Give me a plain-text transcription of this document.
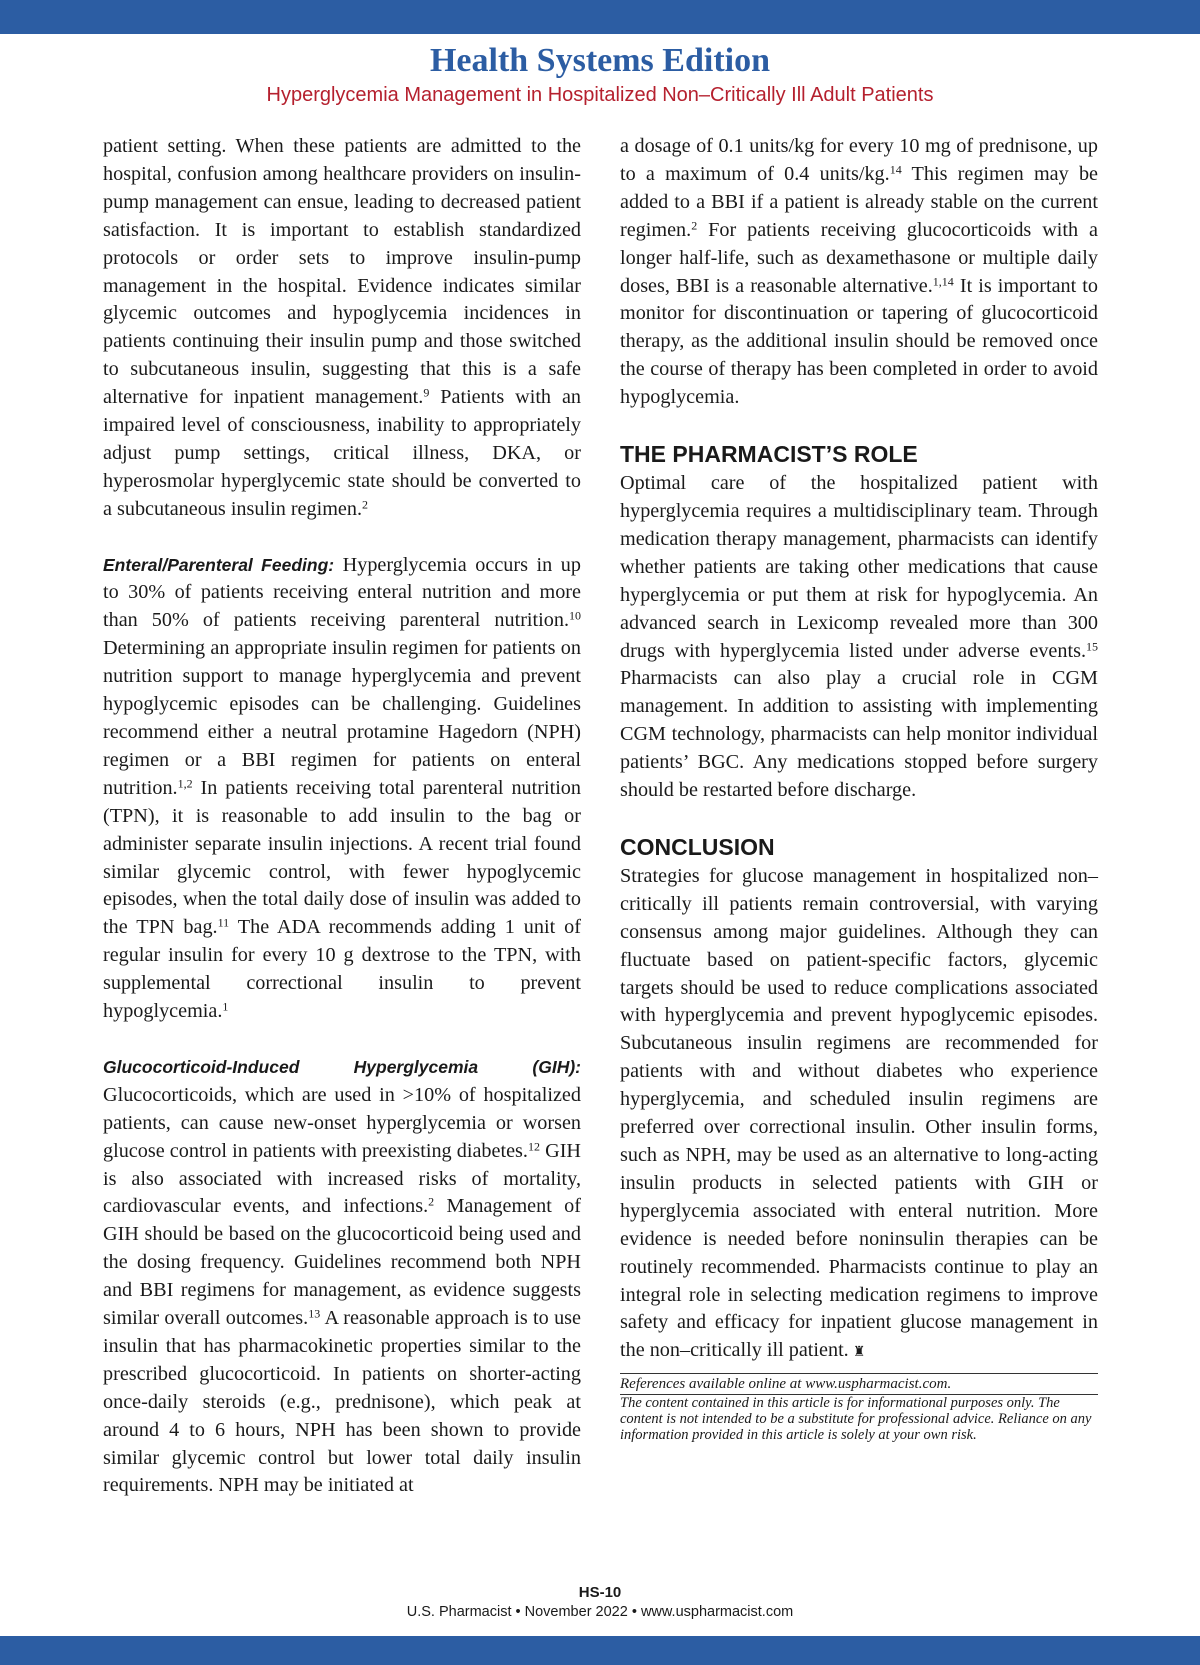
Health Systems Edition

Hyperglycemia Management in Hospitalized Non–Critically Ill Adult Patients

patient setting. When these patients are admitted to the hospital, confusion among healthcare providers on insulin-pump management can ensue, leading to decreased patient satisfaction. It is important to establish standardized protocols or order sets to improve insulin-pump management in the hospital. Evidence indicates similar glycemic outcomes and hypoglycemia incidences in patients continuing their insulin pump and those switched to subcutaneous insulin, suggesting that this is a safe alternative for inpatient management.$^9$ Patients with an impaired level of consciousness, inability to appropriately adjust pump settings, critical illness, DKA, or hyperosmolar hyperglycemic state should be converted to a subcutaneous insulin regimen.$^2$

Enteral/Parenteral Feeding: Hyperglycemia occurs in up to 30% of patients receiving enteral nutrition and more than 50% of patients receiving parenteral nutrition.$^{10}$ Determining an appropriate insulin regimen for patients on nutrition support to manage hyperglycemia and prevent hypoglycemic episodes can be challenging. Guidelines recommend either a neutral protamine Hagedorn (NPH) regimen or a BBI regimen for patients on enteral nutrition.$^{1,2}$ In patients receiving total parenteral nutrition (TPN), it is reasonable to add insulin to the bag or administer separate insulin injections. A recent trial found similar glycemic control, with fewer hypoglycemic episodes, when the total daily dose of insulin was added to the TPN bag.$^{11}$ The ADA recommends adding 1 unit of regular insulin for every 10 g dextrose to the TPN, with supplemental correctional insulin to prevent hypoglycemia.$^1$

Glucocorticoid-Induced Hyperglycemia (GIH): Glucocorticoids, which are used in >10% of hospitalized patients, can cause new-onset hyperglycemia or worsen glucose control in patients with preexisting diabetes.$^{12}$ GIH is also associated with increased risks of mortality, cardiovascular events, and infections.$^2$ Management of GIH should be based on the glucocorticoid being used and the dosing frequency. Guidelines recommend both NPH and BBI regimens for management, as evidence suggests similar overall outcomes.$^{13}$ A reasonable approach is to use insulin that has pharmacokinetic properties similar to the prescribed glucocorticoid. In patients on shorter-acting once-daily steroids (e.g., prednisone), which peak at around 4 to 6 hours, NPH has been shown to provide similar glycemic control but lower total daily insulin requirements. NPH may be initiated at

a dosage of 0.1 units/kg for every 10 mg of prednisone, up to a maximum of 0.4 units/kg.$^{14}$ This regimen may be added to a BBI if a patient is already stable on the current regimen.$^2$ For patients receiving glucocorticoids with a longer half-life, such as dexamethasone or multiple daily doses, BBI is a reasonable alternative.$^{1,14}$ It is important to monitor for discontinuation or tapering of glucocorticoid therapy, as the additional insulin should be removed once the course of therapy has been completed in order to avoid hypoglycemia.

THE PHARMACIST’S ROLE

Optimal care of the hospitalized patient with hyperglycemia requires a multidisciplinary team. Through medication therapy management, pharmacists can identify whether patients are taking other medications that cause hyperglycemia or put them at risk for hypoglycemia. An advanced search in Lexicomp revealed more than 300 drugs with hyperglycemia listed under adverse events.$^{15}$ Pharmacists can also play a crucial role in CGM management. In addition to assisting with implementing CGM technology, pharmacists can help monitor individual patients’ BGC. Any medications stopped before surgery should be restarted before discharge.

CONCLUSION

Strategies for glucose management in hospitalized non–critically ill patients remain controversial, with varying consensus among major guidelines. Although they can fluctuate based on patient-specific factors, glycemic targets should be used to reduce complications associated with hyperglycemia and prevent hypoglycemic episodes. Subcutaneous insulin regimens are recommended for patients with and without diabetes who experience hyperglycemia, and scheduled insulin regimens are preferred over correctional insulin. Other insulin forms, such as NPH, may be used as an alternative to long-acting insulin products in selected patients with GIH or hyperglycemia associated with enteral nutrition. More evidence is needed before noninsulin therapies can be routinely recommended. Pharmacists continue to play an integral role in selecting medication regimens to improve safety and efficacy for inpatient glucose management in the non–critically ill patient. ♜

References available online at www.uspharmacist.com.

The content contained in this article is for informational purposes only. The content is not intended to be a substitute for professional advice. Reliance on any information provided in this article is solely at your own risk.

HS-10

U.S. Pharmacist • November 2022 • www.uspharmacist.com
